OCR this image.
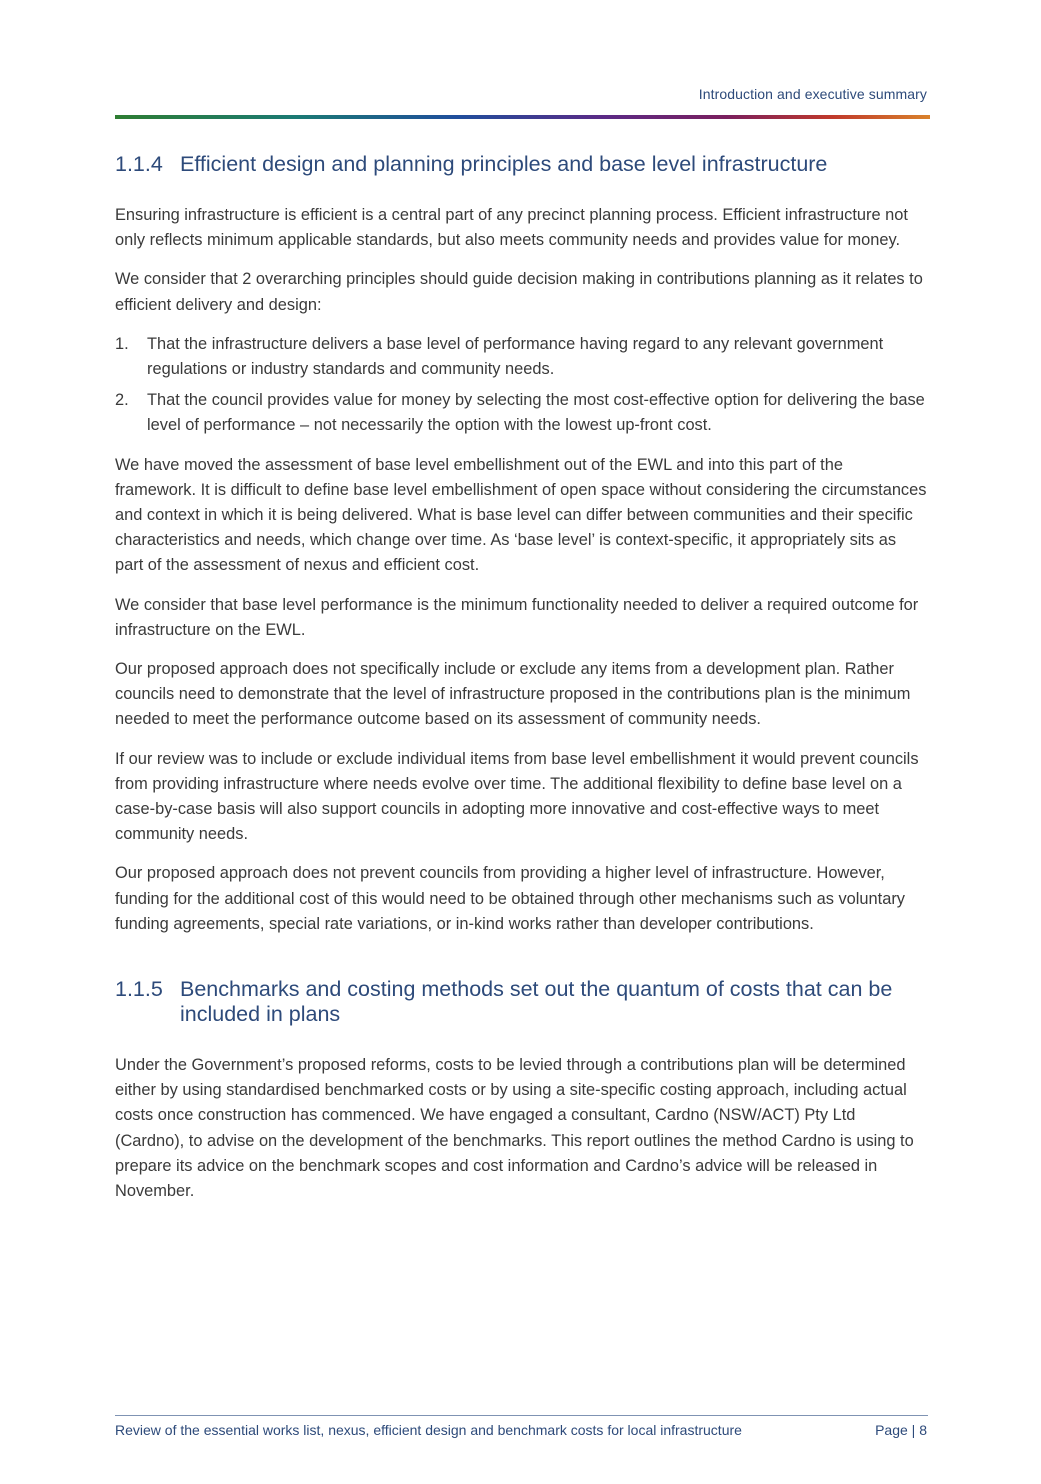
Introduction and executive summary
1.1.4 Efficient design and planning principles and base level infrastructure

Ensuring infrastructure is efficient is a central part of any precinct planning process. Efficient infrastructure not only reflects minimum applicable standards, but also meets community needs and provides value for money.

We consider that 2 overarching principles should guide decision making in contributions planning as it relates to efficient delivery and design:

1.	That the infrastructure delivers a base level of performance having regard to any relevant government regulations or industry standards and community needs.
2.	That the council provides value for money by selecting the most cost-effective option for delivering the base level of performance – not necessarily the option with the lowest up-front cost.

We have moved the assessment of base level embellishment out of the EWL and into this part of the framework. It is difficult to define base level embellishment of open space without considering the circumstances and context in which it is being delivered. What is base level can differ between communities and their specific characteristics and needs, which change over time. As ‘base level’ is context-specific, it appropriately sits as part of the assessment of nexus and efficient cost.

We consider that base level performance is the minimum functionality needed to deliver a required outcome for infrastructure on the EWL.

Our proposed approach does not specifically include or exclude any items from a development plan. Rather councils need to demonstrate that the level of infrastructure proposed in the contributions plan is the minimum needed to meet the performance outcome based on its assessment of community needs.

If our review was to include or exclude individual items from base level embellishment it would prevent councils from providing infrastructure where needs evolve over time. The additional flexibility to define base level on a case-by-case basis will also support councils in adopting more innovative and cost-effective ways to meet community needs.

Our proposed approach does not prevent councils from providing a higher level of infrastructure. However, funding for the additional cost of this would need to be obtained through other mechanisms such as voluntary funding agreements, special rate variations, or in-kind works rather than developer contributions.

1.1.5 Benchmarks and costing methods set out the quantum of costs that can be included in plans

Under the Government’s proposed reforms, costs to be levied through a contributions plan will be determined either by using standardised benchmarked costs or by using a site-specific costing approach, including actual costs once construction has commenced. We have engaged a consultant, Cardno (NSW/ACT) Pty Ltd (Cardno), to advise on the development of the benchmarks. This report outlines the method Cardno is using to prepare its advice on the benchmark scopes and cost information and Cardno’s advice will be released in November.

Review of the essential works list, nexus, efficient design and benchmark costs for local infrastructure	Page | 8
